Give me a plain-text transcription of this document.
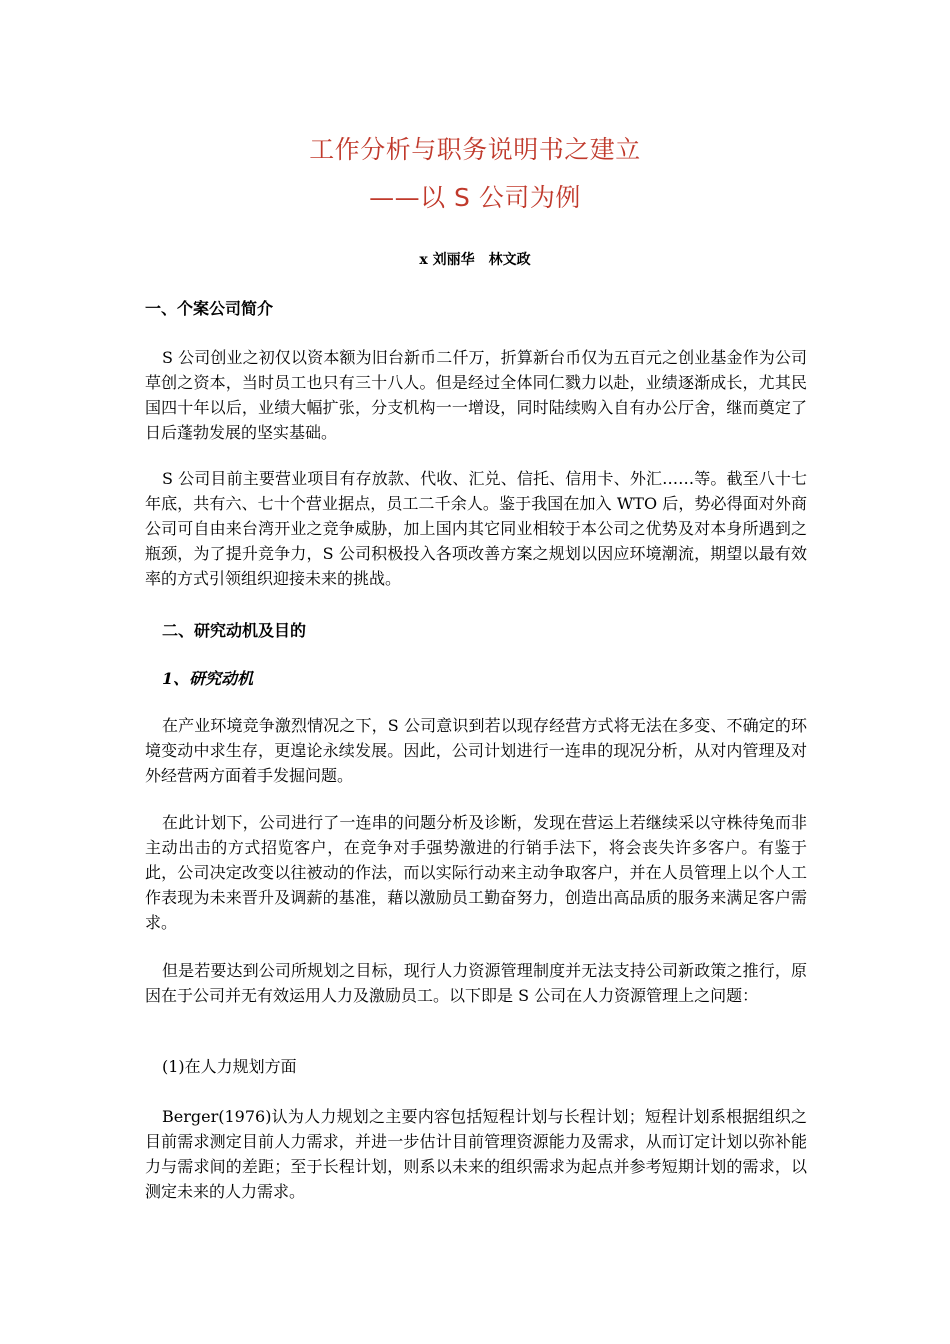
工作分析与职务说明书之建立
——以 S 公司为例
x 刘丽华　林文政
一、个案公司简介

S 公司创业之初仅以资本额为旧台新币二仟万，折算新台币仅为五百元之创业基金作为公司草创之资本，当时员工也只有三十八人。但是经过全体同仁戮力以赴，业绩逐渐成长，尤其民国四十年以后，业绩大幅扩张，分支机构一一增设，同时陆续购入自有办公厅舍，继而奠定了日后蓬勃发展的坚实基础。

S 公司目前主要营业项目有存放款、代收、汇兑、信托、信用卡、外汇……等。截至八十七年底，共有六、七十个营业据点，员工二千余人。鉴于我国在加入 WTO 后，势必得面对外商公司可自由来台湾开业之竞争威胁，加上国内其它同业相较于本公司之优势及对本身所遇到之瓶颈，为了提升竞争力，S 公司积极投入各项改善方案之规划以因应环境潮流，期望以最有效率的方式引领组织迎接未来的挑战。

二、研究动机及目的
1、研究动机

在产业环境竞争激烈情况之下，S 公司意识到若以现存经营方式将无法在多变、不确定的环境变动中求生存，更遑论永续发展。因此，公司计划进行一连串的现况分析，从对内管理及对外经营两方面着手发掘问题。

在此计划下，公司进行了一连串的问题分析及诊断，发现在营运上若继续采以守株待兔而非主动出击的方式招览客户，在竞争对手强势激进的行销手法下，将会丧失许多客户。有鉴于此，公司决定改变以往被动的作法，而以实际行动来主动争取客户，并在人员管理上以个人工作表现为未来晋升及调薪的基准，藉以激励员工勤奋努力，创造出高品质的服务来满足客户需求。

但是若要达到公司所规划之目标，现行人力资源管理制度并无法支持公司新政策之推行，原因在于公司并无有效运用人力及激励员工。以下即是 S 公司在人力资源管理上之问题：

(1)在人力规划方面

Berger(1976)认为人力规划之主要内容包括短程计划与长程计划；短程计划系根据组织之目前需求测定目前人力需求，并进一步估计目前管理资源能力及需求，从而订定计划以弥补能力与需求间的差距；至于长程计划，则系以未来的组织需求为起点并参考短期计划的需求，以测定未来的人力需求。
